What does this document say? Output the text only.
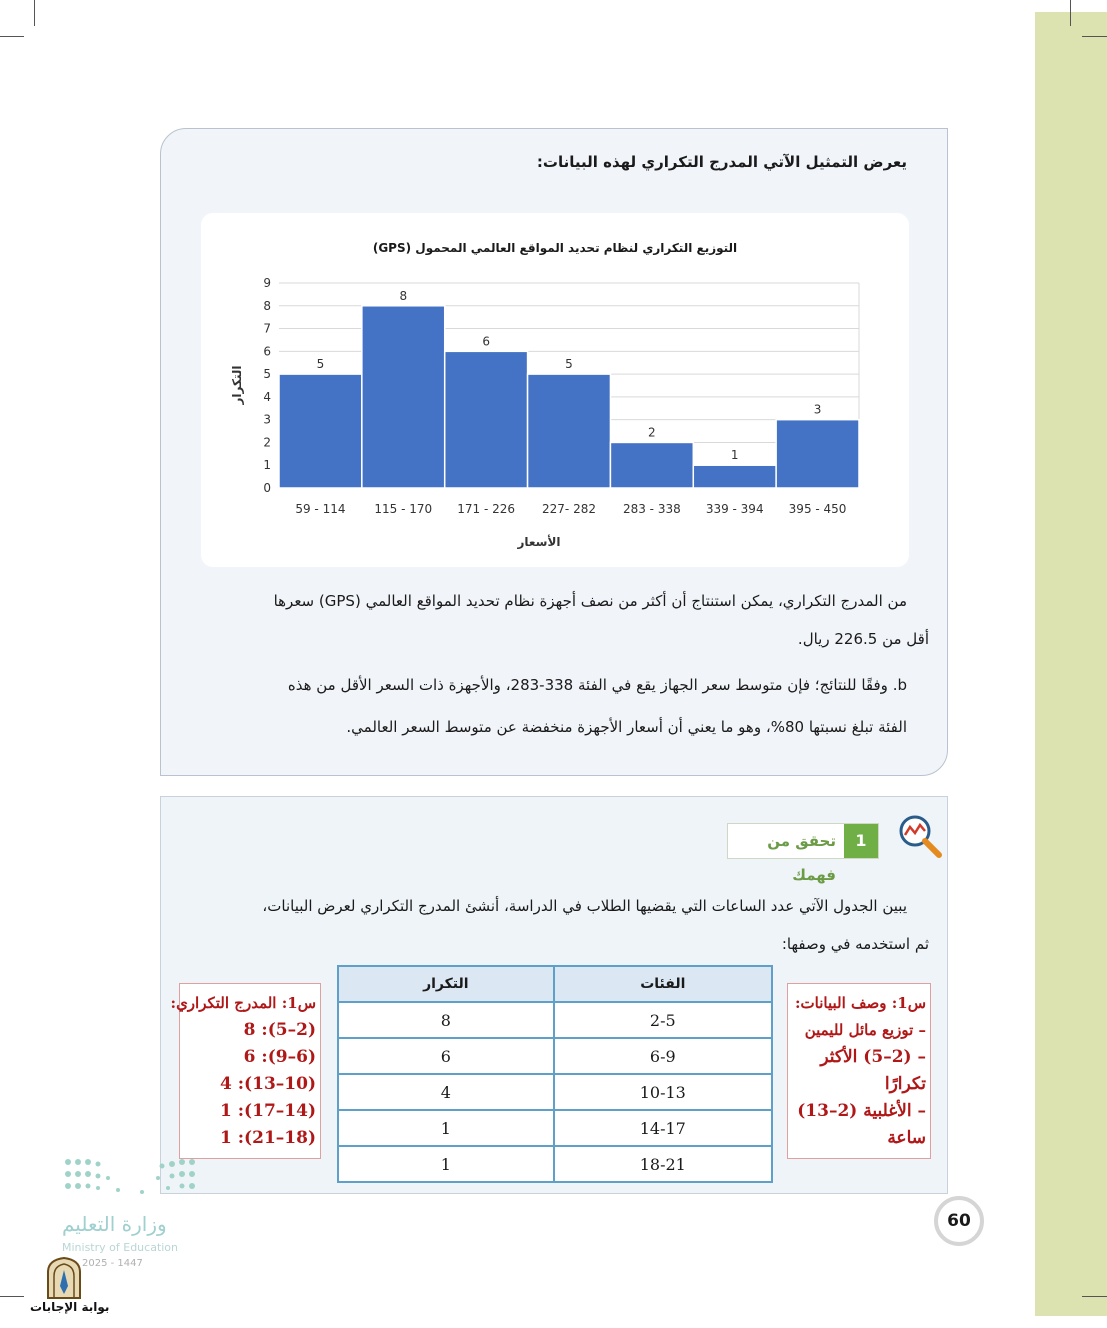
يعرض التمثيل الآتي المدرج التكراري لهذه البيانات:
التوزيع التكراري لنظام تحديد المواقع العالمي المحمول (GPS)
0
1
2
3
4
5
6
7
8
9
5
59 - 114
8
115 - 170
6
171 - 226
5
227- 282
2
283 - 338
1
339 - 394
3
395 - 450
الأسعار
التكرار
من المدرج التكراري، يمكن استنتاج أن أكثر من نصف أجهزة نظام تحديد المواقع العالمي (GPS) سعرها
أقل من 226.5 ريال.
b. وفقًا للنتائج؛ فإن متوسط سعر الجهاز يقع في الفئة 338-283، والأجهزة ذات السعر الأقل من هذه
الفئة تبلغ نسبتها 80%، وهو ما يعني أن أسعار الأجهزة منخفضة عن متوسط السعر العالمي.
1
تحقق من فهمك
يبين الجدول الآتي عدد الساعات التي يقضيها الطلاب في الدراسة، أنشئ المدرج التكراري لعرض البيانات،
ثم استخدمه في وصفها:
الفئات	التكرار
2-5	8
6-9	6
10-13	4
14-17	1
18-21	1
س1: المدرج التكراري:
(2–5): 8
(6–9): 6
(10–13): 4
(14–17): 1
(18–21): 1
س1: وصف البيانات:
– توزيع مائل لليمين
– (2–5) الأكثر
تكرارًا
– الأغلبية (2–13)
ساعة
60
وزارة التعليم
Ministry of Education
2025 - 1447
بوابة الإجابات
